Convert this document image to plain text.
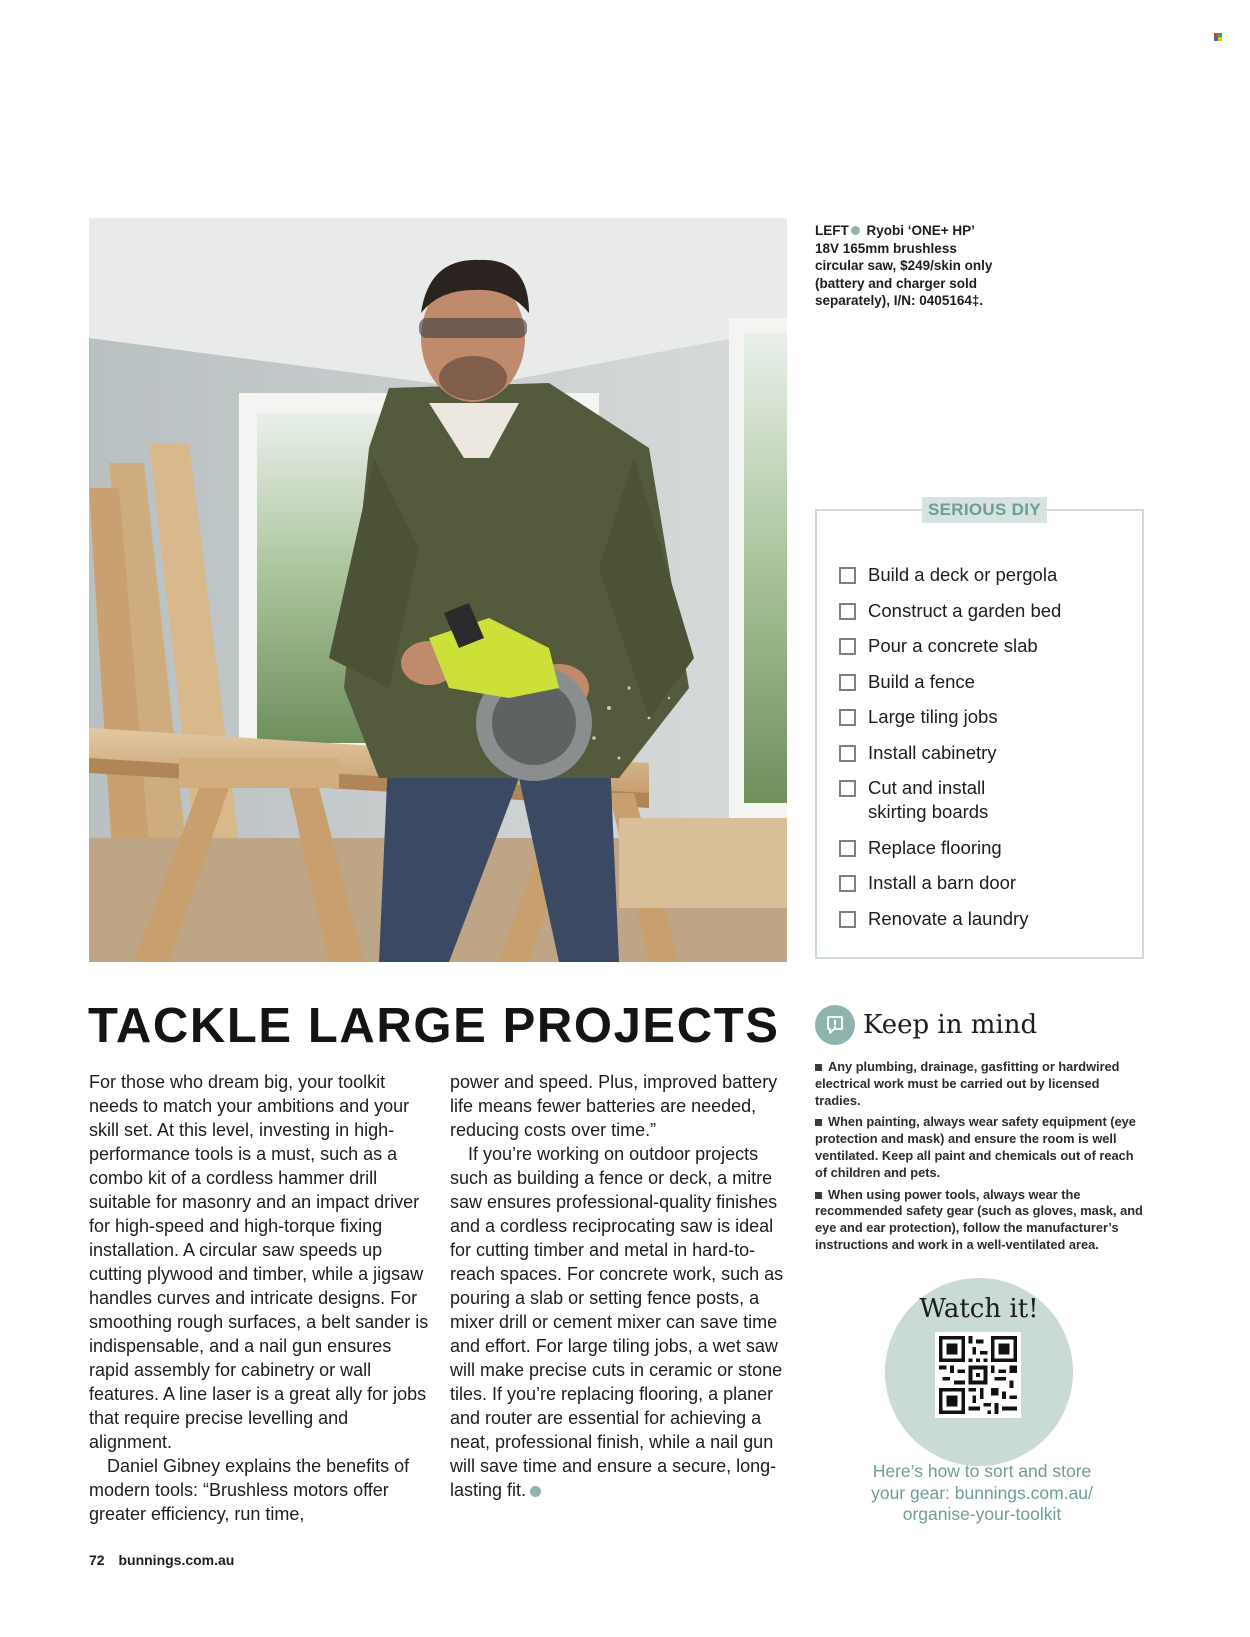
LEFT Ryobi ‘ONE+ HP’
18V 165mm brushless
circular saw, $249/skin only
(battery and charger sold
separately), I/N: 0405164‡.
SERIOUS DIY
Build a deck or pergola
Construct a garden bed
Pour a concrete slab
Build a fence
Large tiling jobs
Install cabinetry
Cut and install skirting boards
Replace flooring
Install a barn door
Renovate a laundry
TACKLE LARGE PROJECTS

For those who dream big, your toolkit needs to match your ambitions and your skill set. At this level, investing in high-performance tools is a must, such as a combo kit of a cordless hammer drill suitable for masonry and an impact driver for high-speed and high-torque fixing installation. A circular saw speeds up cutting plywood and timber, while a jigsaw handles curves and intricate designs. For smoothing rough surfaces, a belt sander is indispensable, and a nail gun ensures rapid assembly for cabinetry or wall features. A line laser is a great ally for jobs that require precise levelling and alignment.

Daniel Gibney explains the benefits of modern tools: “Brushless motors offer greater efficiency, run time,

power and speed. Plus, improved battery life means fewer batteries are needed, reducing costs over time.”

If you’re working on outdoor projects such as building a fence or deck, a mitre saw ensures professional-quality finishes and a cordless reciprocating saw is ideal for cutting timber and metal in hard-to-reach spaces. For concrete work, such as pouring a slab or setting fence posts, a mixer drill or cement mixer can save time and effort. For large tiling jobs, a wet saw will make precise cuts in ceramic or stone tiles. If you’re replacing flooring, a planer and router are essential for achieving a neat, professional finish, while a nail gun will save time and ensure a secure, long-lasting fit.

Keep in mind
Any plumbing, drainage, gasfitting or hardwired electrical work must be carried out by licensed tradies.
When painting, always wear safety equipment (eye protection and mask) and ensure the room is well ventilated. Keep all paint and chemicals out of reach of children and pets.
When using power tools, always wear the recommended safety gear (such as gloves, mask, and eye and ear protection), follow the manufacturer’s instructions and work in a well-ventilated area.
Watch it!
Here’s how to sort and store
your gear: bunnings.com.au/
organise-your-toolkit
72 bunnings.com.au
